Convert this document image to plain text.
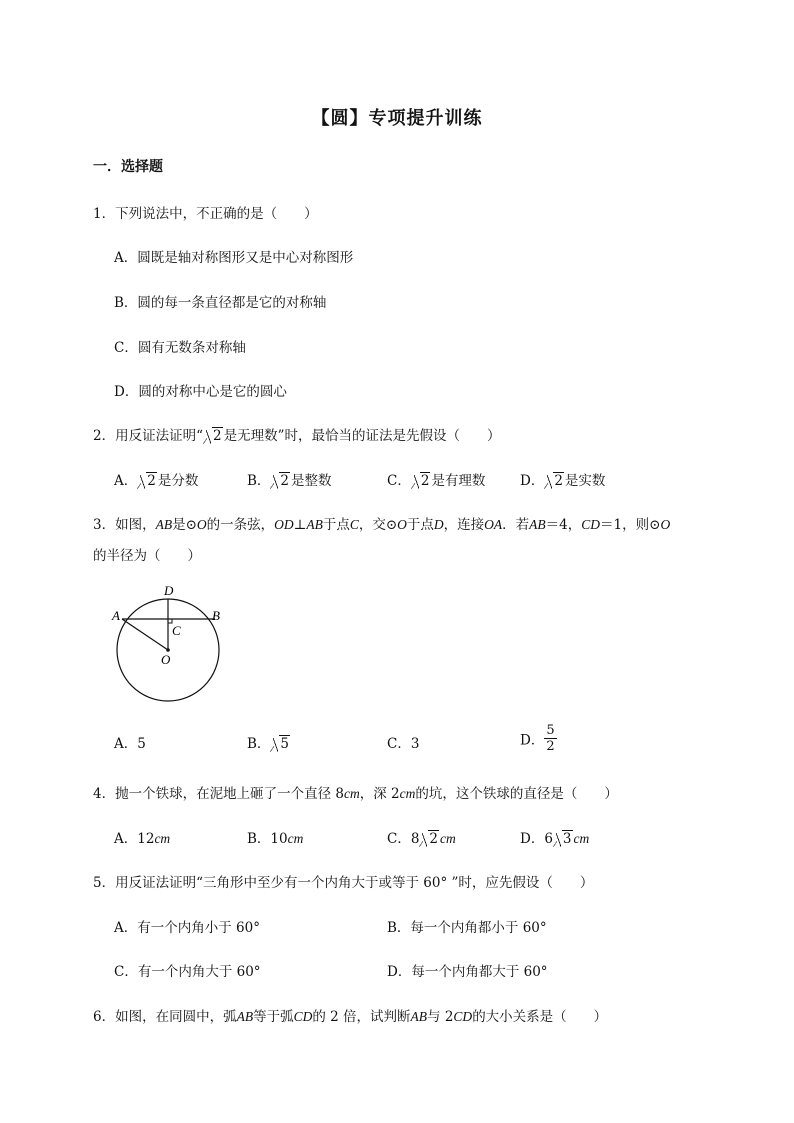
【圆】专项提升训练
一．选择题
1．下列说法中，不正确的是（　　）
A．圆既是轴对称图形又是中心对称图形
B．圆的每一条直径都是它的对称轴
C．圆有无数条对称轴
D．圆的对称中心是它的圆心
2．用反证法证明“ 2 是无理数”时，最恰当的证法是先假设（　　）
A． 2 是分数	B． 2 是整数	C． 2 是有理数	D． 2 是实数
3．如图，AB是⊙O的一条弦，OD⊥AB于点C，交⊙O于点D，连接OA．若AB＝4，CD＝1，则⊙O
的半径为（　　）
D
A	B
C
O
A．5	B． 5	C．3	D． $\frac{5}{2}$
4．抛一个铁球，在泥地上砸了一个直径 8cm，深 2cm的坑，这个铁球的直径是（　　）
A．12cm	B．10cm	C．8 2 cm	D．6 3 cm
5．用反证法证明“三角形中至少有一个内角大于或等于 60° ”时，应先假设（　　）
A．有一个内角小于 60°	B．每一个内角都小于 60°
C．有一个内角大于 60°	D．每一个内角都大于 60°
6．如图，在同圆中，弧AB等于弧CD的 2 倍，试判断AB与 2CD的大小关系是（　　）
